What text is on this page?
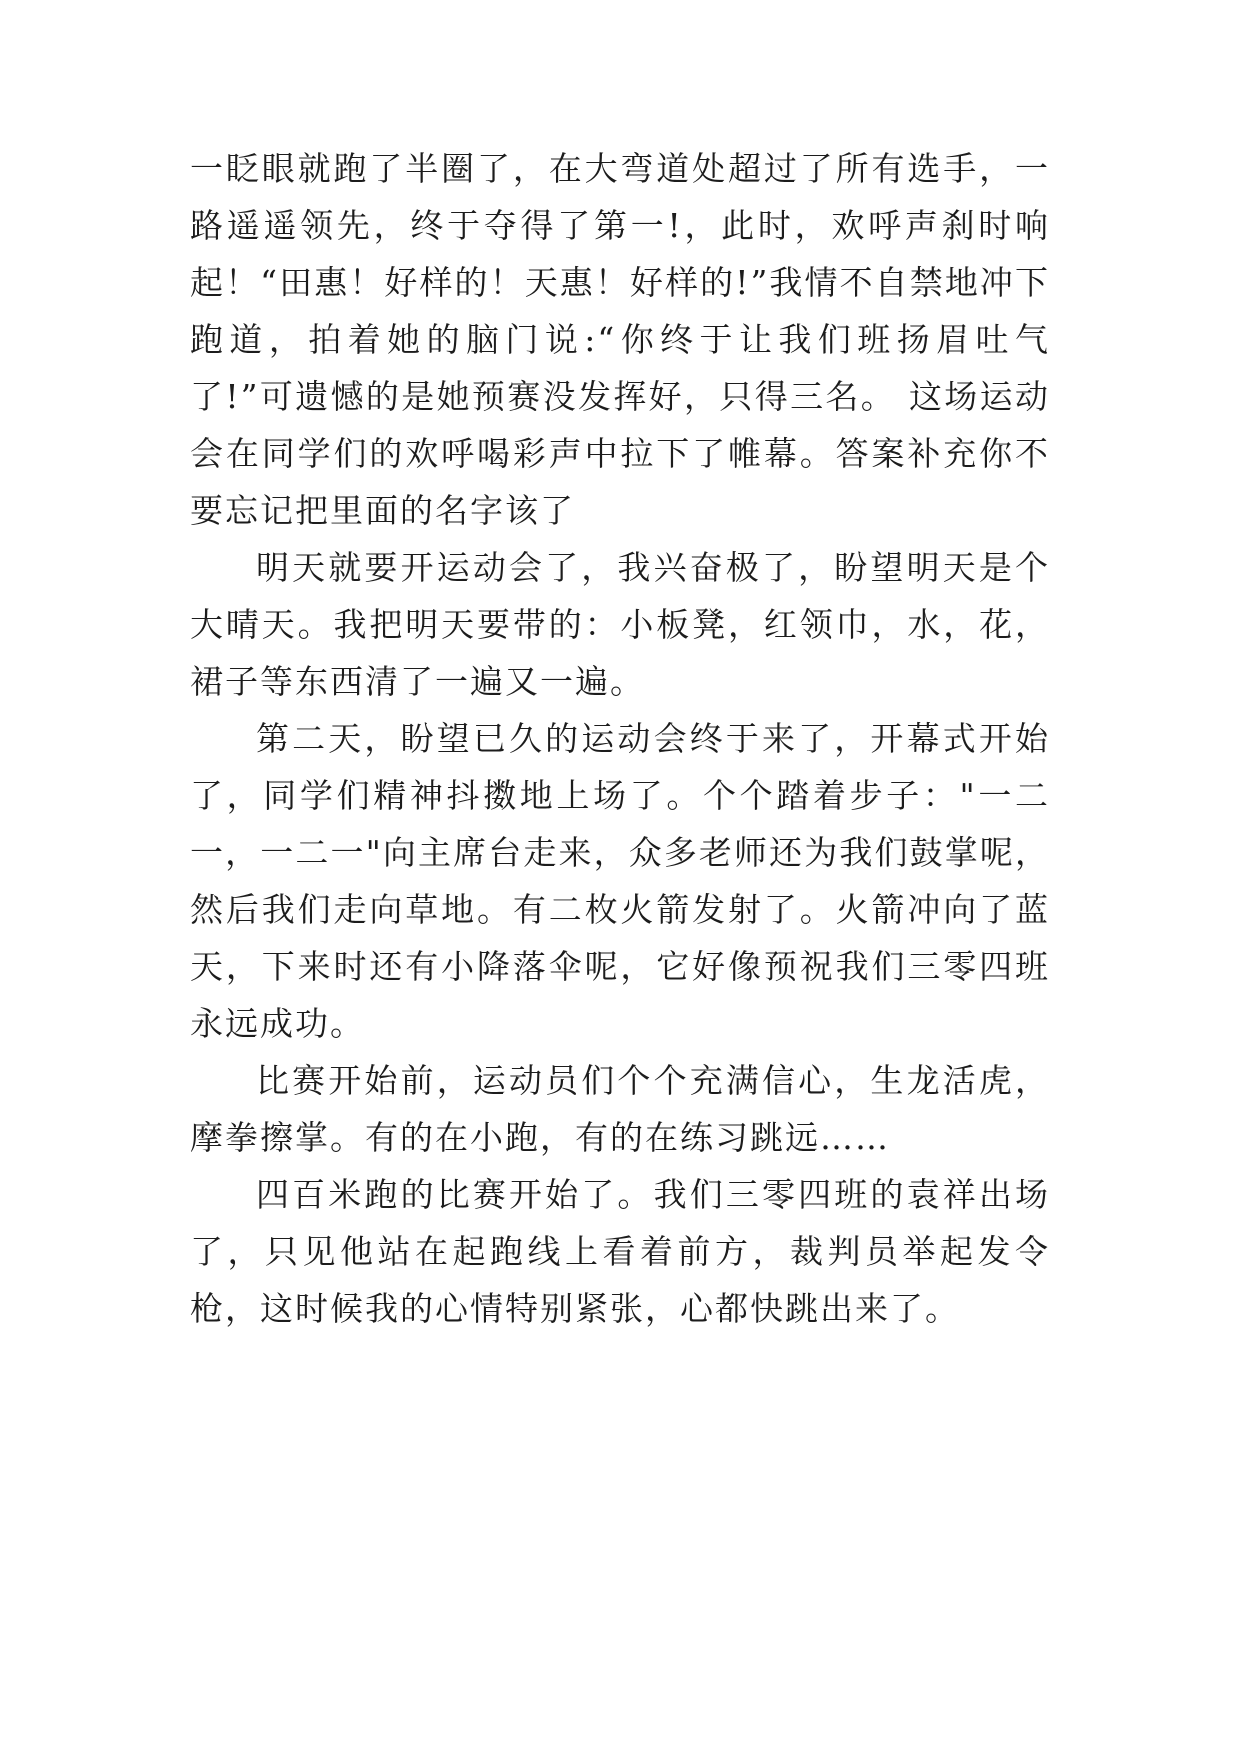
一眨眼就跑了半圈了，在大弯道处超过了所有选手，一路遥遥领先，终于夺得了第一!，此时，欢呼声刹时响起！“田惠！好样的！天惠！好样的!”我情不自禁地冲下跑道，拍着她的脑门说:“你终于让我们班扬眉吐气了!”可遗憾的是她预赛没发挥好，只得三名。 这场运动会在同学们的欢呼喝彩声中拉下了帷幕。答案补充你不要忘记把里面的名字该了

明天就要开运动会了，我兴奋极了，盼望明天是个大晴天。我把明天要带的：小板凳，红领巾，水，花，裙子等东西清了一遍又一遍。

第二天，盼望已久的运动会终于来了，开幕式开始了，同学们精神抖擞地上场了。个个踏着步子："一二一，一二一"向主席台走来，众多老师还为我们鼓掌呢，然后我们走向草地。有二枚火箭发射了。火箭冲向了蓝天，下来时还有小降落伞呢，它好像预祝我们三零四班永远成功。

比赛开始前，运动员们个个充满信心，生龙活虎，摩拳擦掌。有的在小跑，有的在练习跳远……

四百米跑的比赛开始了。我们三零四班的袁祥出场了，只见他站在起跑线上看着前方，裁判员举起发令枪，这时候我的心情特别紧张，心都快跳出来了。
